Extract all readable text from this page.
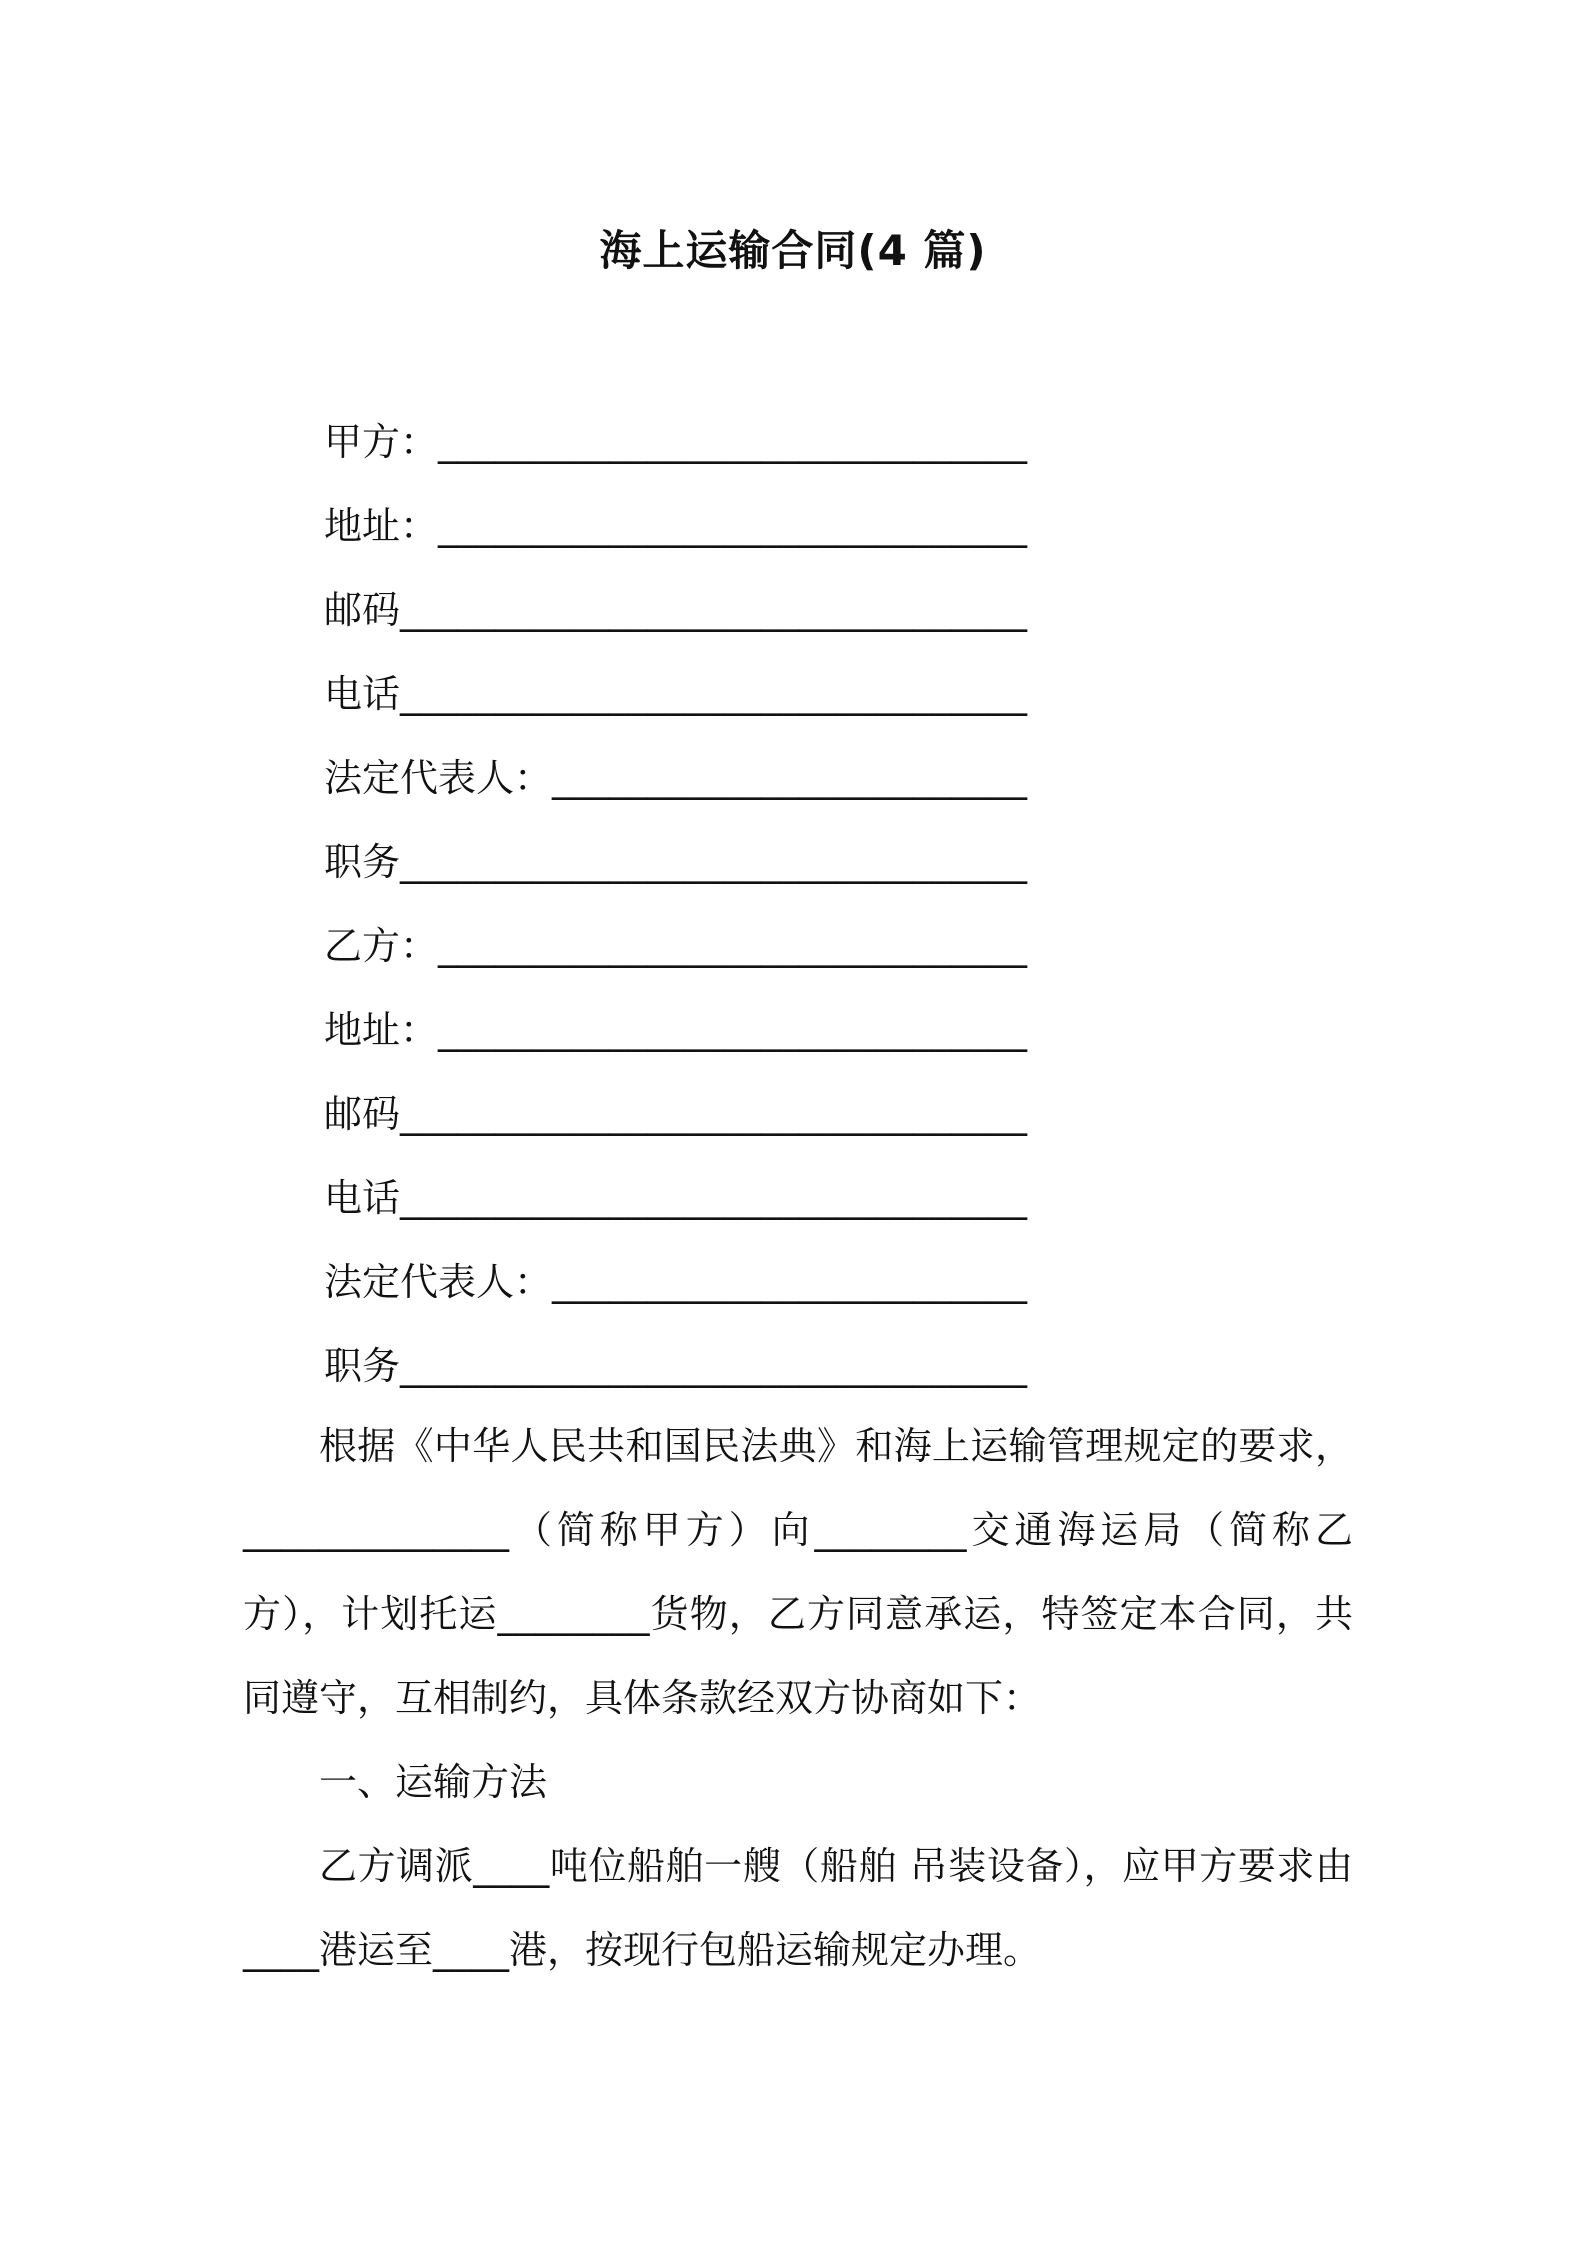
海上运输合同(4 篇)
甲方：_______________________________
地址：_______________________________
邮码_________________________________
电话_________________________________
法定代表人：_________________________
职务_________________________________
乙方：_______________________________
地址：_______________________________
邮码_________________________________
电话_________________________________
法定代表人：_________________________
职务_________________________________

根据《中华人民共和国民法典》和海上运输管理规定的要求，______________（简称甲方）向________交通海运局（简称乙方），计划托运________货物，乙方同意承运，特签定本合同，共同遵守，互相制约，具体条款经双方协商如下：

一、运输方法

乙方调派____吨位船舶一艘（船舶 吊装设备），应甲方要求由____港运至____港，按现行包船运输规定办理。
